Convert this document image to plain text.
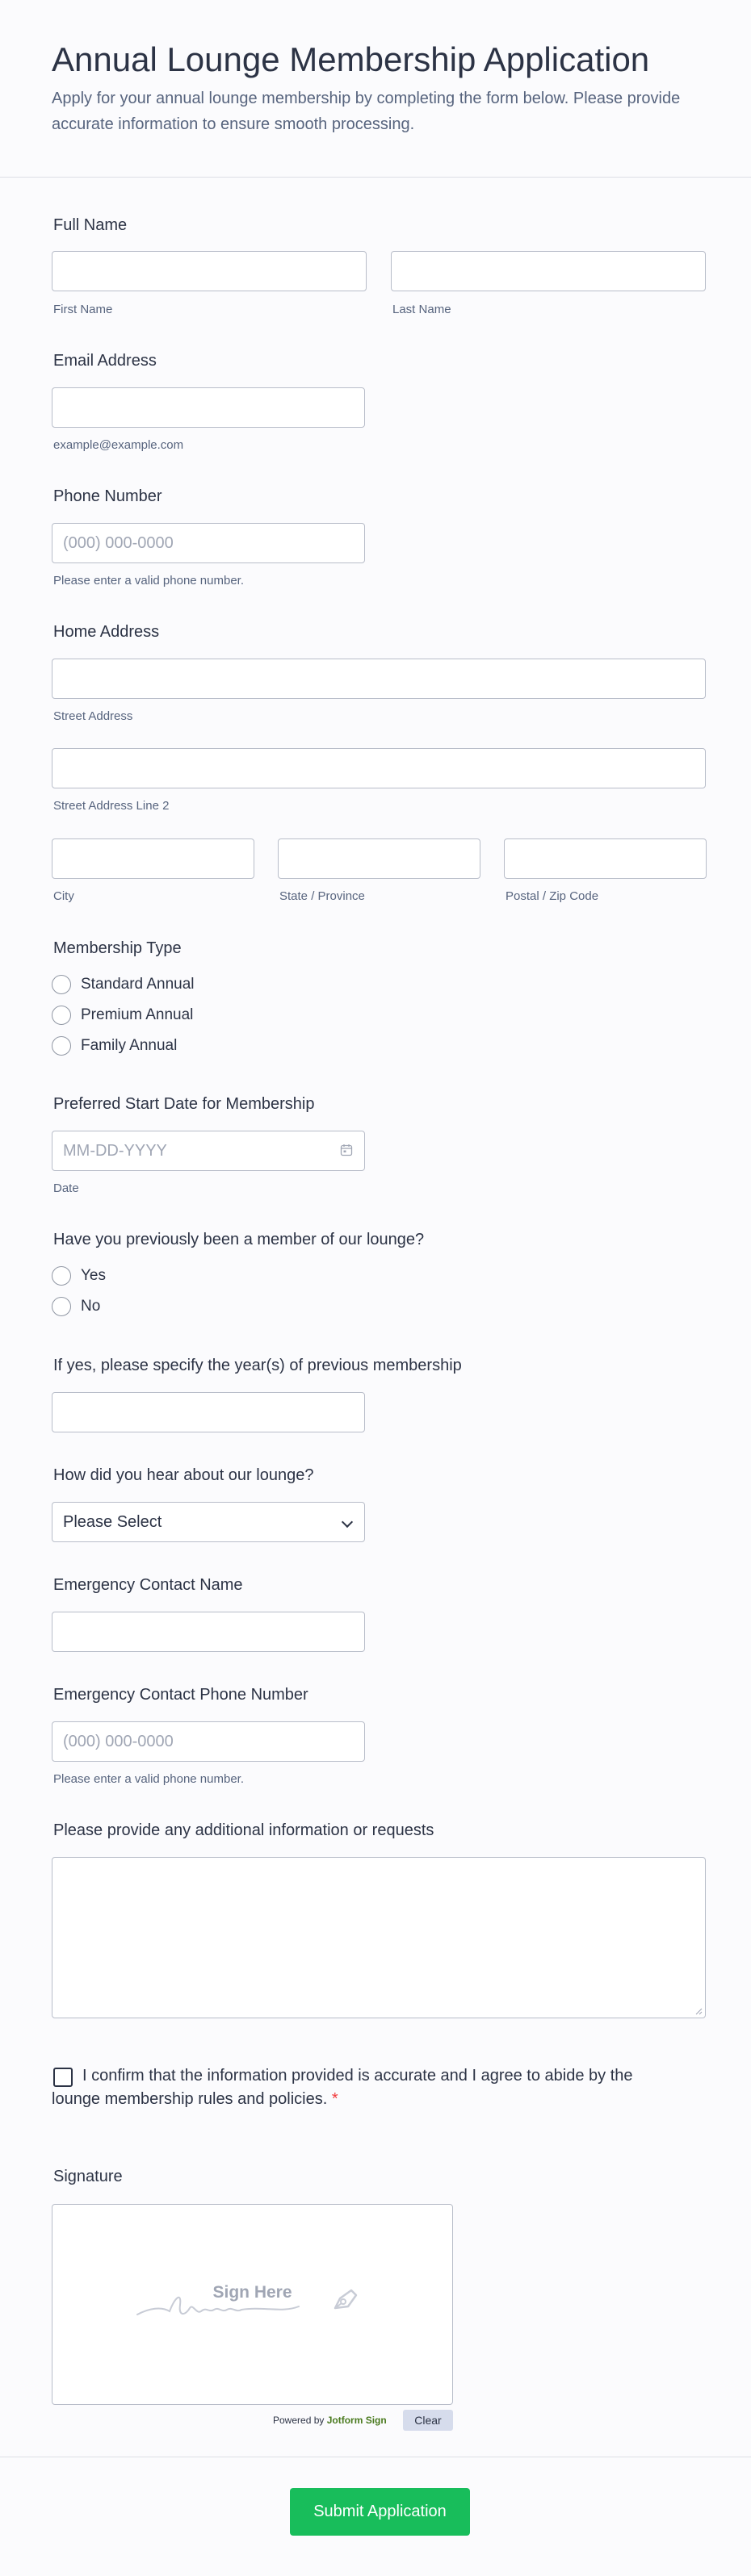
Annual Lounge Membership Application
Apply for your annual lounge membership by completing the form below. Please provide accurate information to ensure smooth processing.
Full Name
First Name	Last Name
Email Address
example@example.com
Phone Number
(000) 000-0000
Please enter a valid phone number.
Home Address
Street Address
Street Address Line 2
City	State / Province	Postal / Zip Code
Membership Type
Standard Annual
Premium Annual
Family Annual
Preferred Start Date for Membership
MM-DD-YYYY
Date
Have you previously been a member of our lounge?
Yes
No
If yes, please specify the year(s) of previous membership
How did you hear about our lounge?
Please Select
Emergency Contact Name
Emergency Contact Phone Number
(000) 000-0000
Please enter a valid phone number.
Please provide any additional information or requests
I confirm that the information provided is accurate and I agree to abide by the lounge membership rules and policies. *
Signature
Sign Here
Powered by Jotform Sign	Clear
Submit Application
